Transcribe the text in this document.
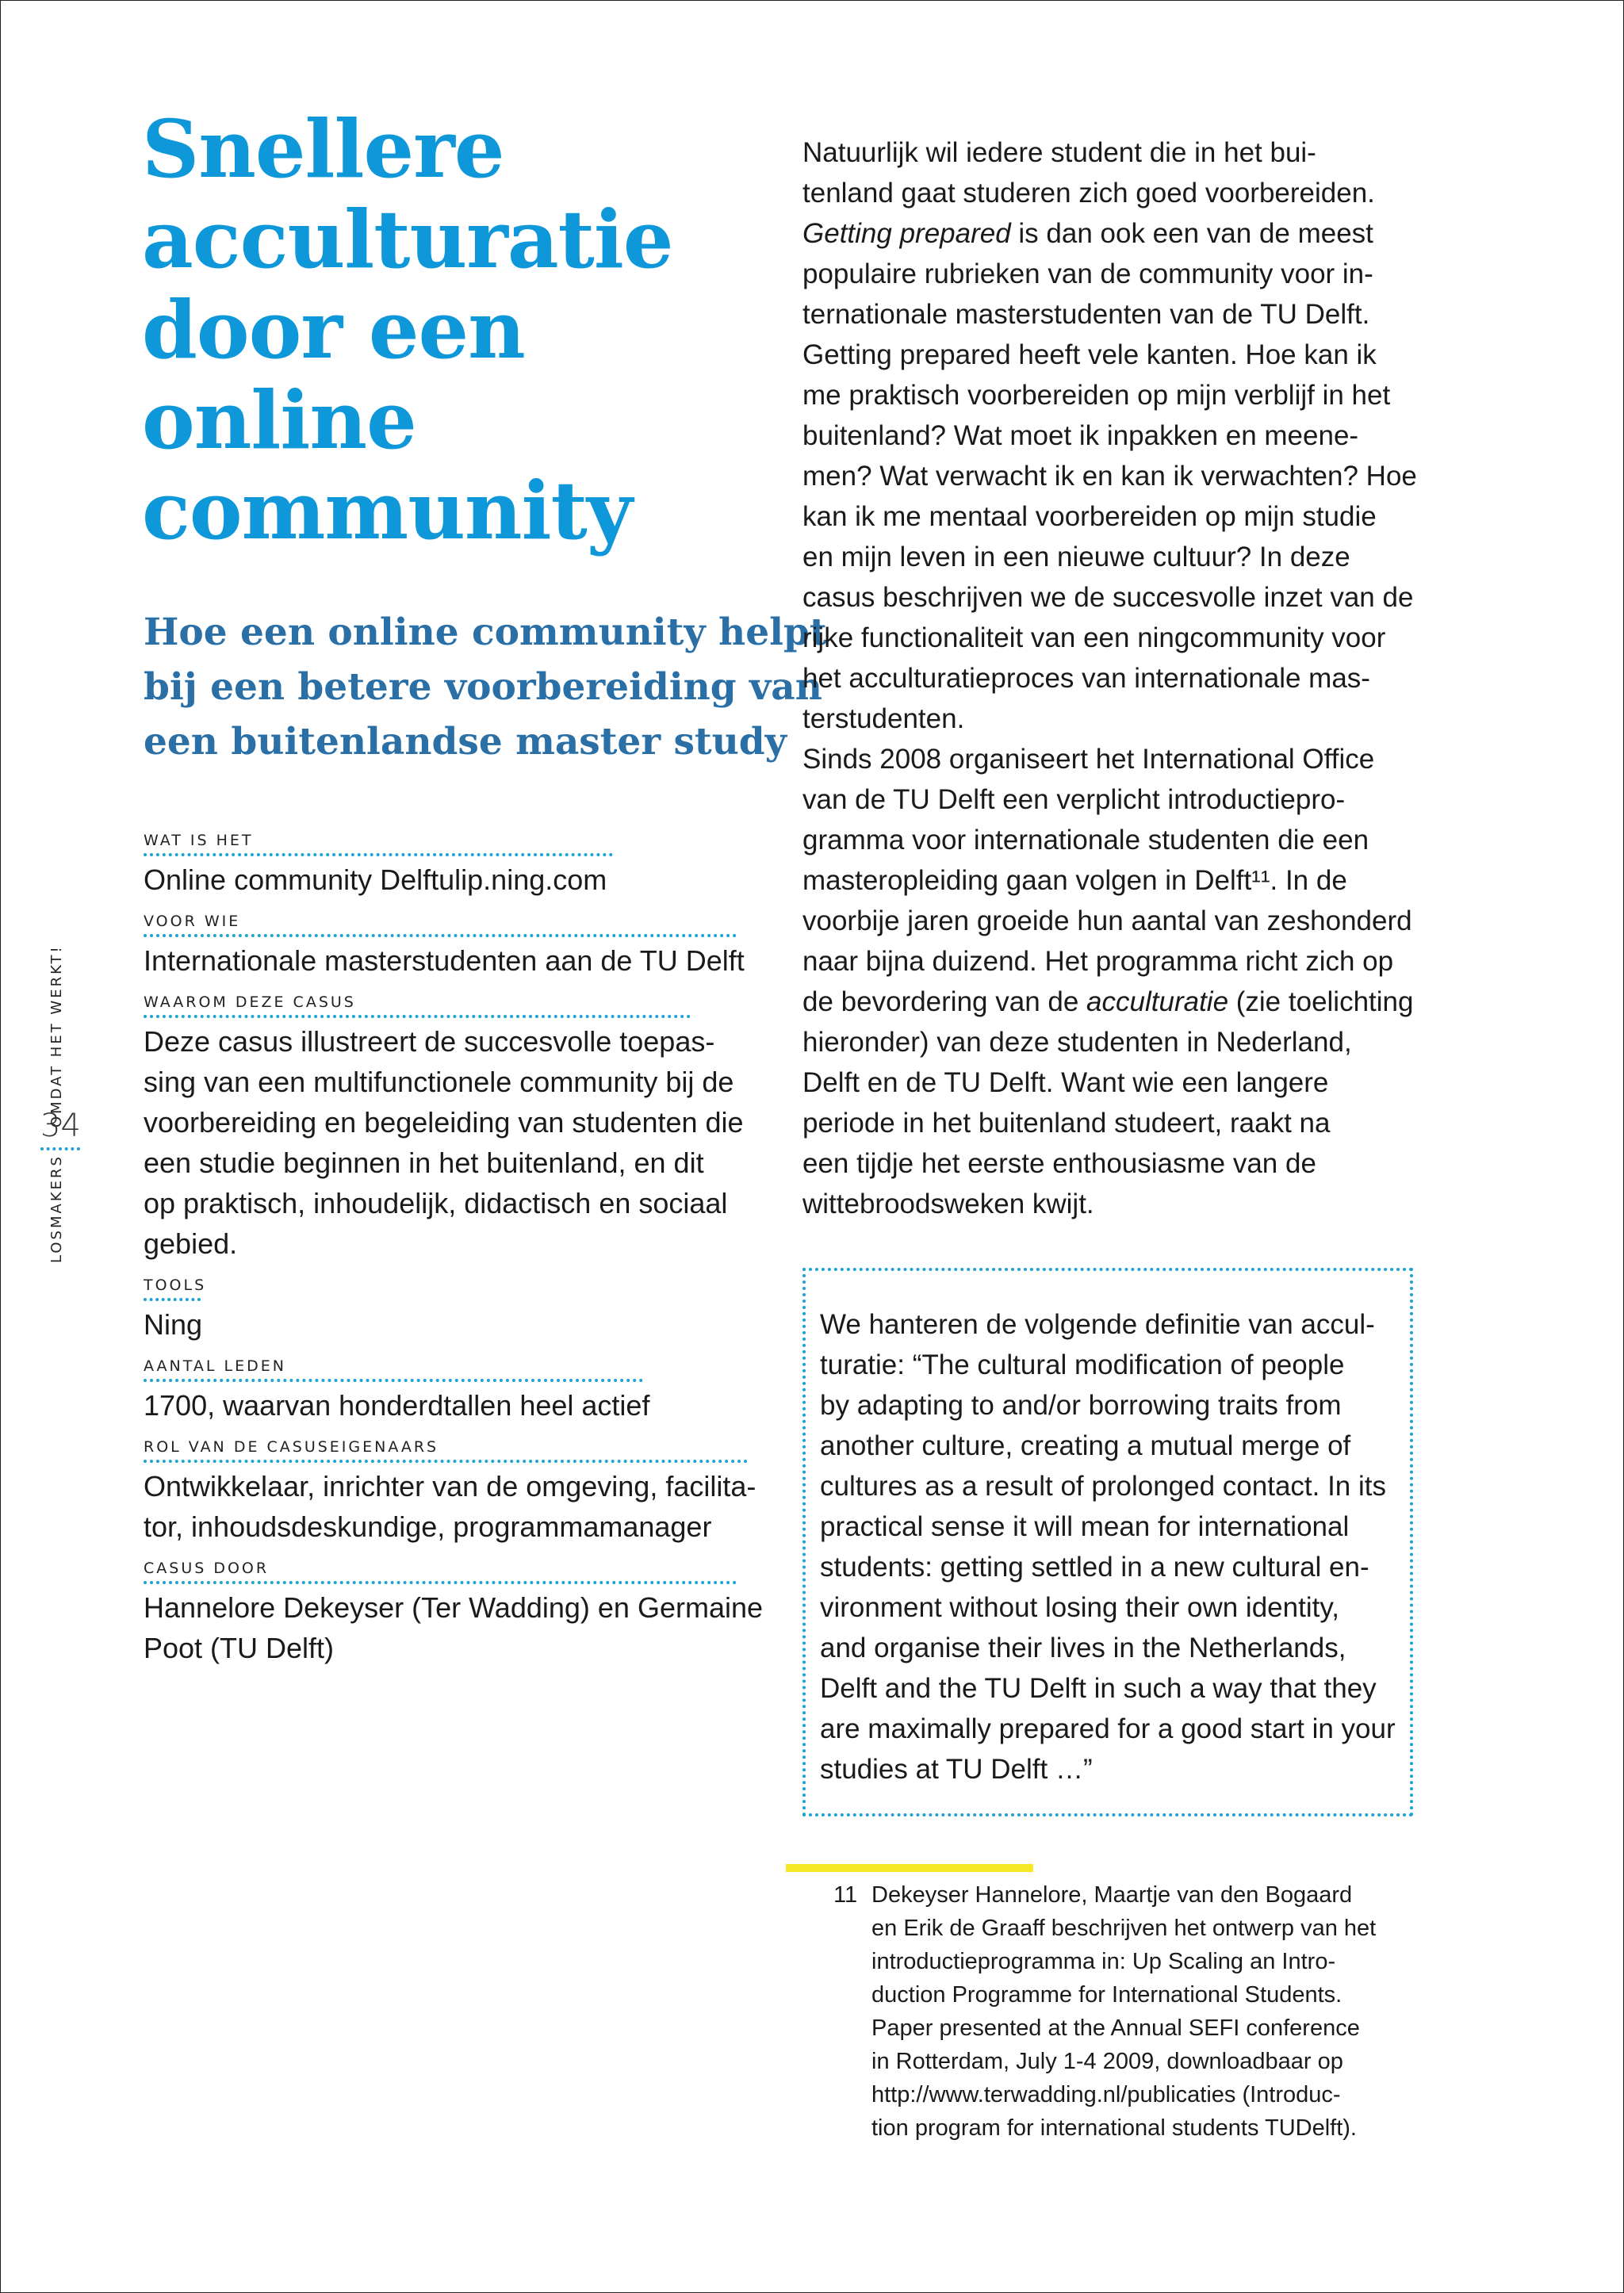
Snellere
acculturatie
door een
online
community
Hoe een online community helpt
bij een betere voorbereiding van
een buitenlandse master study
WAT IS HET
Online community Delftulip.ning.com
VOOR WIE
Internationale masterstudenten aan de TU Delft
WAAROM DEZE CASUS
Deze casus illustreert de succesvolle toepas-
sing van een multifunctionele community bij de
voorbereiding en begeleiding van studenten die
een studie beginnen in het buitenland, en dit
op praktisch, inhoudelijk, didactisch en sociaal
gebied.
TOOLS
Ning
AANTAL LEDEN
1700, waarvan honderdtallen heel actief
ROL VAN DE CASUSEIGENAARS
Ontwikkelaar, inrichter van de omgeving, facilita-
tor, inhoudsdeskundige, programmamanager
CASUS DOOR
Hannelore Dekeyser (Ter Wadding) en Germaine
Poot (TU Delft)
LOSMAKERSOMDAT HET WERKT!
34
Natuurlijk wil iedere student die in het bui-
tenland gaat studeren zich goed voorbereiden.
Getting prepared is dan ook een van de meest
populaire rubrieken van de community voor in-
ternationale masterstudenten van de TU Delft.
Getting prepared heeft vele kanten. Hoe kan ik
me praktisch voorbereiden op mijn verblijf in het
buitenland? Wat moet ik inpakken en meene-
men? Wat verwacht ik en kan ik verwachten? Hoe
kan ik me mentaal voorbereiden op mijn studie
en mijn leven in een nieuwe cultuur? In deze
casus beschrijven we de succesvolle inzet van de
rijke functionaliteit van een ningcommunity voor
het acculturatieproces van internationale mas-
terstudenten.
Sinds 2008 organiseert het International Office
van de TU Delft een verplicht introductiepro-
gramma voor internationale studenten die een
masteropleiding gaan volgen in Delft¹¹. In de
voorbije jaren groeide hun aantal van zeshonderd
naar bijna duizend. Het programma richt zich op
de bevordering van de acculturatie (zie toelichting
hieronder) van deze studenten in Nederland,
Delft en de TU Delft. Want wie een langere
periode in het buitenland studeert, raakt na
een tijdje het eerste enthousiasme van de
wittebroodsweken kwijt.
We hanteren de volgende definitie van accul-
turatie: “The cultural modification of people
by adapting to and/or borrowing traits from
another culture, creating a mutual merge of
cultures as a result of prolonged contact. In its
practical sense it will mean for international
students: getting settled in a new cultural en-
vironment without losing their own identity,
and organise their lives in the Netherlands,
Delft and the TU Delft in such a way that they
are maximally prepared for a good start in your
studies at TU Delft …”
11 Dekeyser Hannelore, Maartje van den Bogaard
en Erik de Graaff beschrijven het ontwerp van het
introductieprogramma in: Up Scaling an Intro-
duction Programme for International Students.
Paper presented at the Annual SEFI conference
in Rotterdam, July 1-4 2009, downloadbaar op
http://www.terwadding.nl/publicaties (Introduc-
tion program for international students TUDelft).
